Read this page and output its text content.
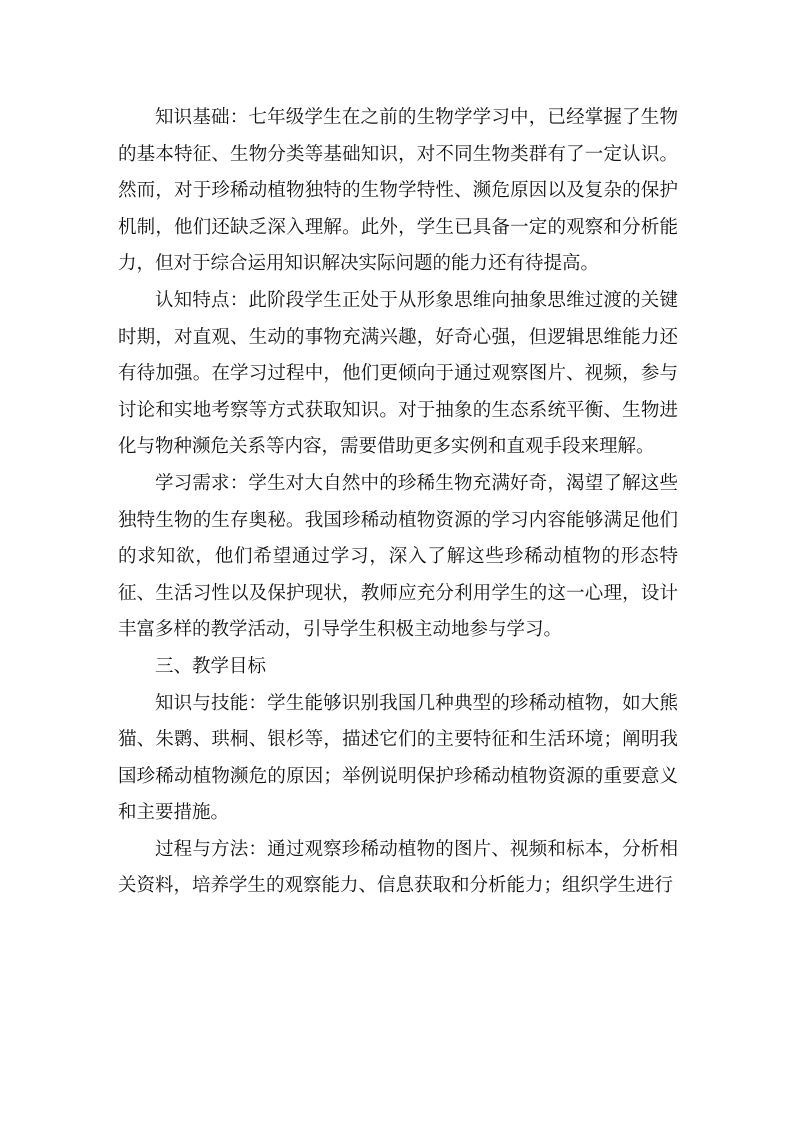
知识基础：七年级学生在之前的生物学学习中，已经掌握了生物的基本特征、生物分类等基础知识，对不同生物类群有了一定认识。然而，对于珍稀动植物独特的生物学特性、濒危原因以及复杂的保护机制，他们还缺乏深入理解。此外，学生已具备一定的观察和分析能力，但对于综合运用知识解决实际问题的能力还有待提高。

认知特点：此阶段学生正处于从形象思维向抽象思维过渡的关键时期，对直观、生动的事物充满兴趣，好奇心强，但逻辑思维能力还有待加强。在学习过程中，他们更倾向于通过观察图片、视频，参与讨论和实地考察等方式获取知识。对于抽象的生态系统平衡、生物进化与物种濒危关系等内容，需要借助更多实例和直观手段来理解。

学习需求：学生对大自然中的珍稀生物充满好奇，渴望了解这些独特生物的生存奥秘。我国珍稀动植物资源的学习内容能够满足他们的求知欲，他们希望通过学习，深入了解这些珍稀动植物的形态特征、生活习性以及保护现状，教师应充分利用学生的这一心理，设计丰富多样的教学活动，引导学生积极主动地参与学习。

三、教学目标

知识与技能：学生能够识别我国几种典型的珍稀动植物，如大熊猫、朱鹮、珙桐、银杉等，描述它们的主要特征和生活环境；阐明我国珍稀动植物濒危的原因；举例说明保护珍稀动植物资源的重要意义和主要措施。

过程与方法：通过观察珍稀动植物的图片、视频和标本，分析相关资料，培养学生的观察能力、信息获取和分析能力；组织学生进行
